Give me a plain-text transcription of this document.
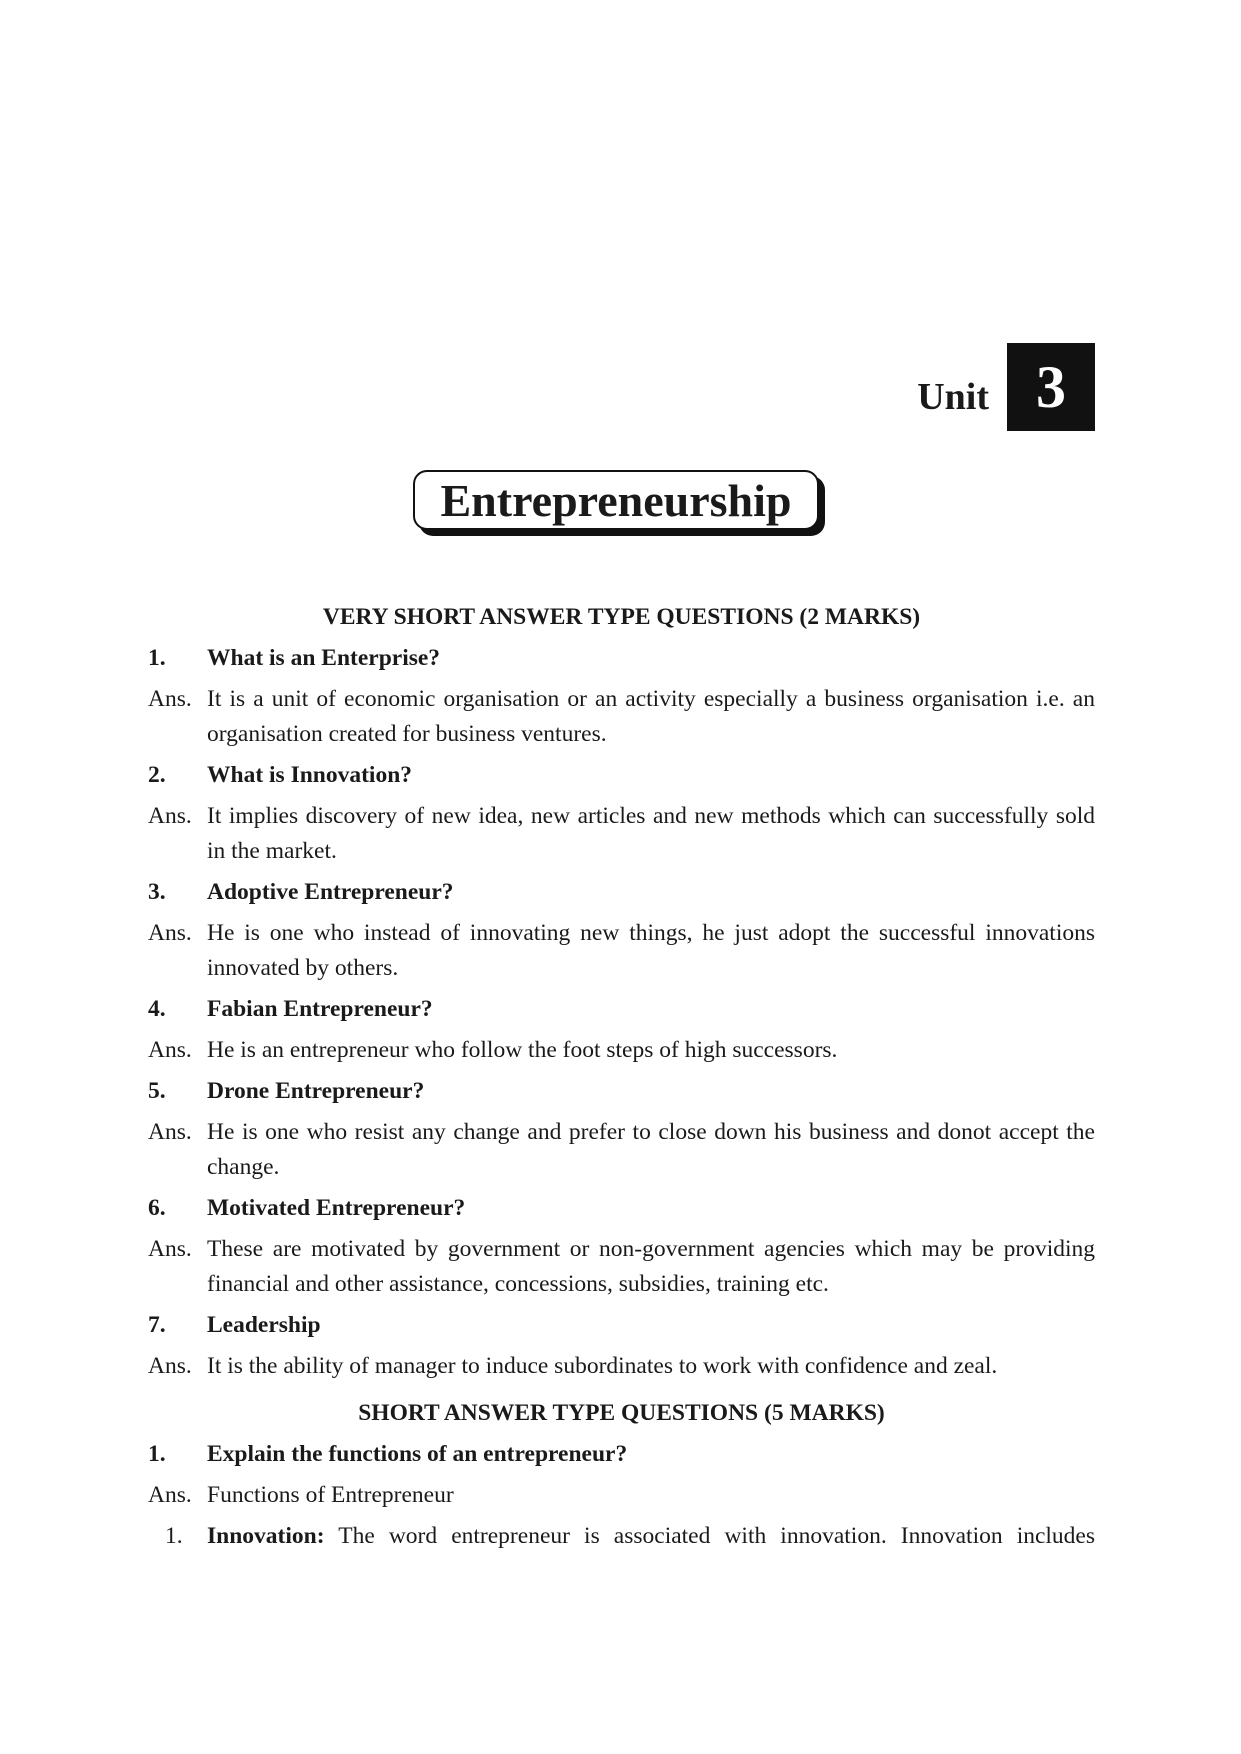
Unit 3
Entrepreneurship
VERY SHORT ANSWER TYPE QUESTIONS (2 MARKS)
1.	What is an Enterprise?
Ans. It is a unit of economic organisation or an activity especially a business organisation i.e. an organisation created for business ventures.
2.	What is Innovation?
Ans. It implies discovery of new idea, new articles and new methods which can successfully sold in the market.
3.	Adoptive Entrepreneur?
Ans. He is one who instead of innovating new things, he just adopt the successful innovations innovated by others.
4.	Fabian Entrepreneur?
Ans. He is an entrepreneur who follow the foot steps of high successors.
5.	Drone Entrepreneur?
Ans. He is one who resist any change and prefer to close down his business and donot accept the change.
6.	Motivated Entrepreneur?
Ans. These are motivated by government or non-government agencies which may be providing financial and other assistance, concessions, subsidies, training etc.
7.	Leadership
Ans. It is the ability of manager to induce subordinates to work with confidence and zeal.
SHORT ANSWER TYPE QUESTIONS (5 MARKS)
1.	Explain the functions of an entrepreneur?
Ans. Functions of Entrepreneur
1.	Innovation: The word entrepreneur is associated with innovation. Innovation includes
